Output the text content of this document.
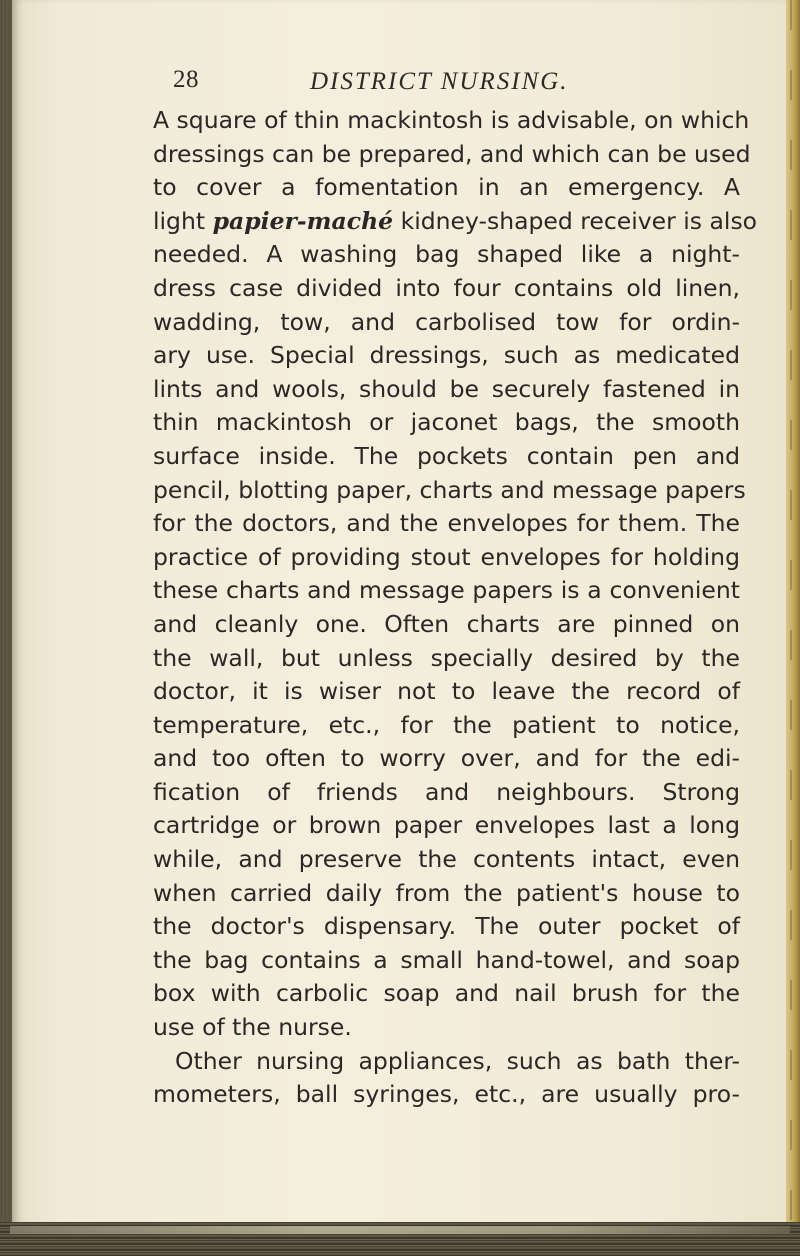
28	DISTRICT NURSING.
A square of thin mackintosh is advisable, on which
dressings can be prepared, and which can be used
to cover a fomentation in an emergency. A
light papier-maché kidney-shaped receiver is also
needed. A washing bag shaped like a night-
dress case divided into four contains old linen,
wadding, tow, and carbolised tow for ordin-
ary use. Special dressings, such as medicated
lints and wools, should be securely fastened in
thin mackintosh or jaconet bags, the smooth
surface inside. The pockets contain pen and
pencil, blotting paper, charts and message papers
for the doctors, and the envelopes for them. The
practice of providing stout envelopes for holding
these charts and message papers is a convenient
and cleanly one. Often charts are pinned on
the wall, but unless specially desired by the
doctor, it is wiser not to leave the record of
temperature, etc., for the patient to notice,
and too often to worry over, and for the edi-
fication of friends and neighbours. Strong
cartridge or brown paper envelopes last a long
while, and preserve the contents intact, even
when carried daily from the patient's house to
the doctor's dispensary. The outer pocket of
the bag contains a small hand-towel, and soap
box with carbolic soap and nail brush for the
use of the nurse.
Other nursing appliances, such as bath ther-
mometers, ball syringes, etc., are usually pro-
